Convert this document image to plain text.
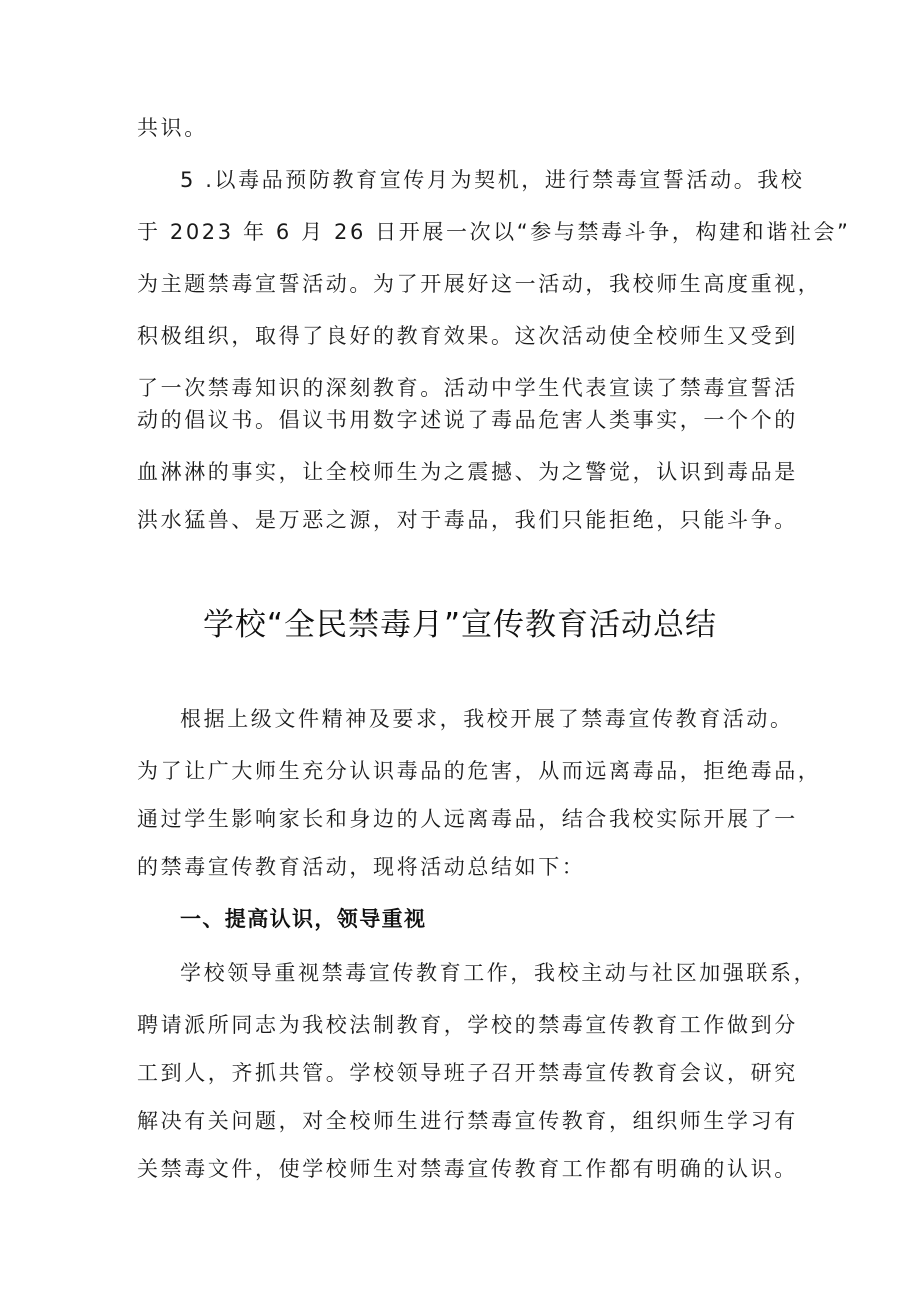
共识。

5 .以毒品预防教育宣传月为契机，进行禁毒宣誓活动。我校

于 2023 年 6 月 26 日开展一次以“参与禁毒斗争，构建和谐社会”

为主题禁毒宣誓活动。为了开展好这一活动，我校师生高度重视，

积极组织，取得了良好的教育效果。这次活动使全校师生又受到

了一次禁毒知识的深刻教育。活动中学生代表宣读了禁毒宣誓活

动的倡议书。倡议书用数字述说了毒品危害人类事实，一个个的

血淋淋的事实，让全校师生为之震撼、为之警觉，认识到毒品是

洪水猛兽、是万恶之源，对于毒品，我们只能拒绝，只能斗争。

学校“全民禁毒月”宣传教育活动总结

根据上级文件精神及要求，我校开展了禁毒宣传教育活动。

为了让广大师生充分认识毒品的危害，从而远离毒品，拒绝毒品，

通过学生影响家长和身边的人远离毒品，结合我校实际开展了一

的禁毒宣传教育活动，现将活动总结如下：

一、提高认识，领导重视

学校领导重视禁毒宣传教育工作，我校主动与社区加强联系，

聘请派所同志为我校法制教育，学校的禁毒宣传教育工作做到分

工到人，齐抓共管。学校领导班子召开禁毒宣传教育会议，研究

解决有关问题，对全校师生进行禁毒宣传教育，组织师生学习有

关禁毒文件，使学校师生对禁毒宣传教育工作都有明确的认识。
